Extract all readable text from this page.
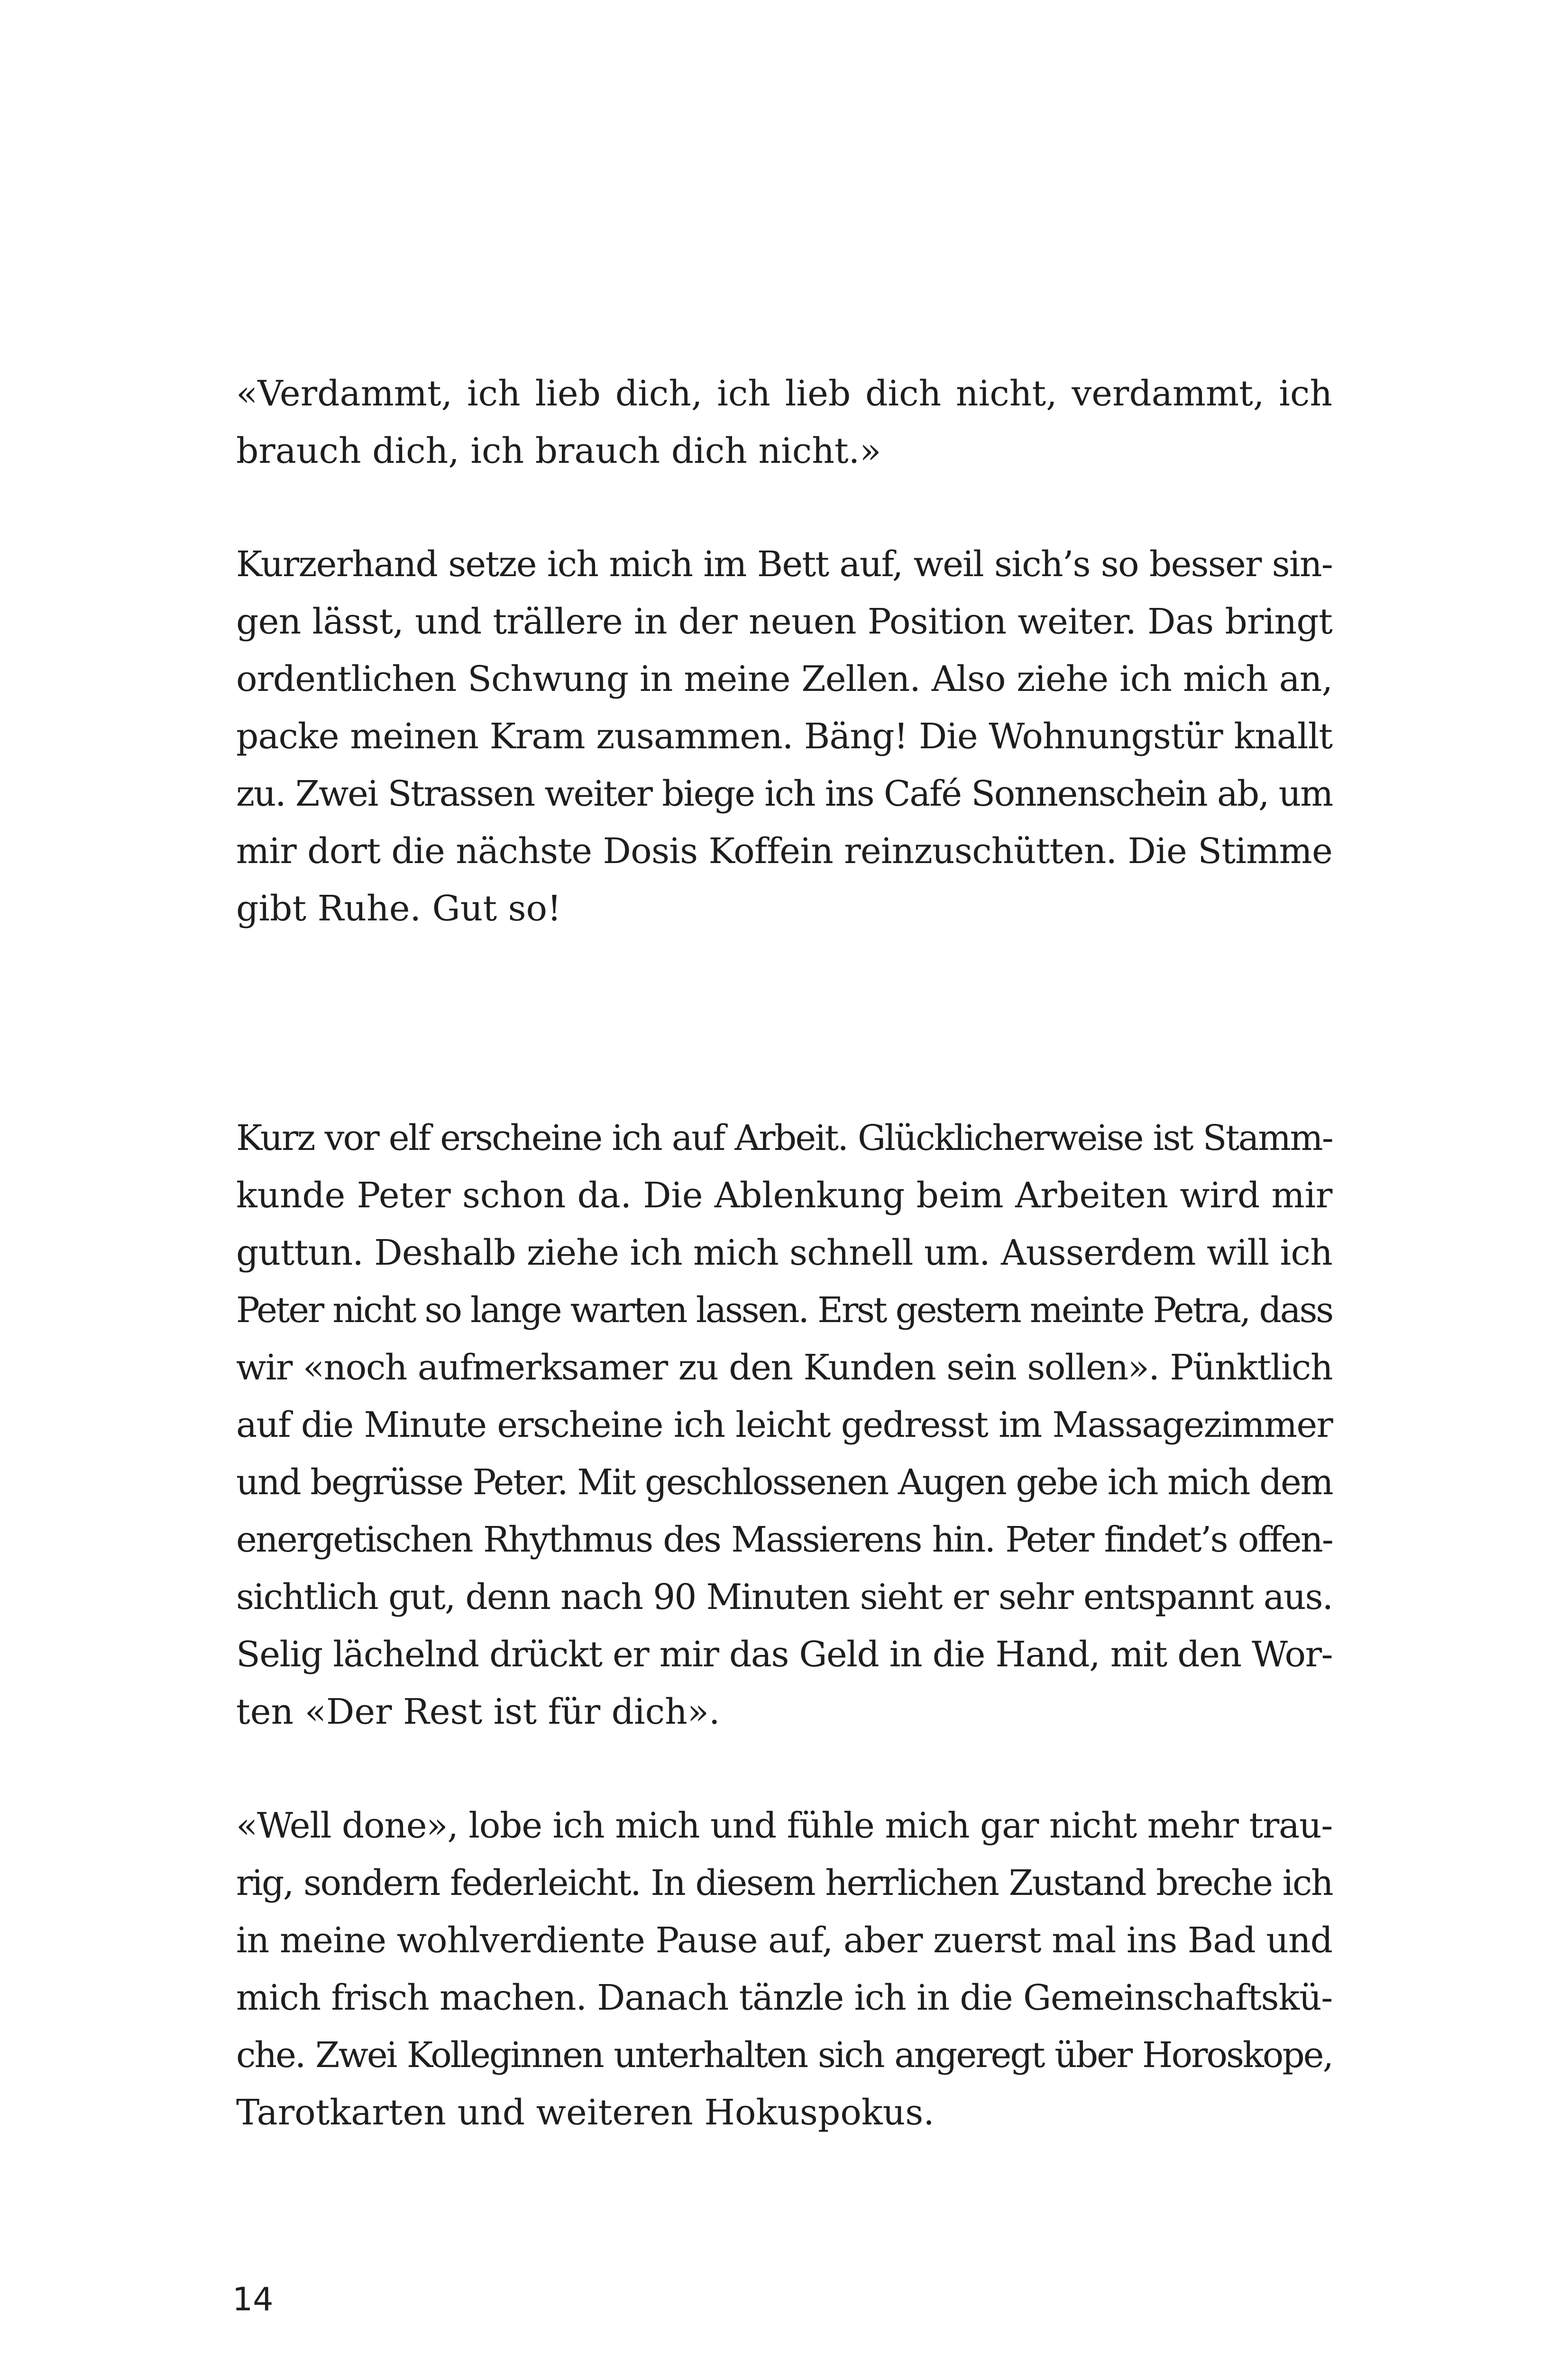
«Verdammt, ich lieb dich, ich lieb dich nicht, verdammt, ich
brauch dich, ich brauch dich nicht.»
Kurzerhand setze ich mich im Bett auf, weil sich’s so besser sin-
gen lässt, und trällere in der neuen Position weiter. Das bringt
ordentlichen Schwung in meine Zellen. Also ziehe ich mich an,
packe meinen Kram zusammen. Bäng! Die Wohnungstür knallt
zu. Zwei Strassen weiter biege ich ins Café Sonnenschein ab, um
mir dort die nächste Dosis Koffein reinzuschütten. Die Stimme
gibt Ruhe. Gut so!
Kurz vor elf erscheine ich auf Arbeit. Glücklicherweise ist Stamm-
kunde Peter schon da. Die Ablenkung beim Arbeiten wird mir
guttun. Deshalb ziehe ich mich schnell um. Ausserdem will ich
Peter nicht so lange warten lassen. Erst gestern meinte Petra, dass
wir «noch aufmerksamer zu den Kunden sein sollen». Pünktlich
auf die Minute erscheine ich leicht gedresst im Massagezimmer
und begrüsse Peter. Mit geschlossenen Augen gebe ich mich dem
energetischen Rhythmus des Massierens hin. Peter findet’s offen-
sichtlich gut, denn nach 90 Minuten sieht er sehr entspannt aus.
Selig lächelnd drückt er mir das Geld in die Hand, mit den Wor-
ten «Der Rest ist für dich».
«Well done», lobe ich mich und fühle mich gar nicht mehr trau-
rig, sondern federleicht. In diesem herrlichen Zustand breche ich
in meine wohlverdiente Pause auf, aber zuerst mal ins Bad und
mich frisch machen. Danach tänzle ich in die Gemeinschaftskü-
che. Zwei Kolleginnen unterhalten sich angeregt über Horoskope,
Tarotkarten und weiteren Hokuspokus.
14
